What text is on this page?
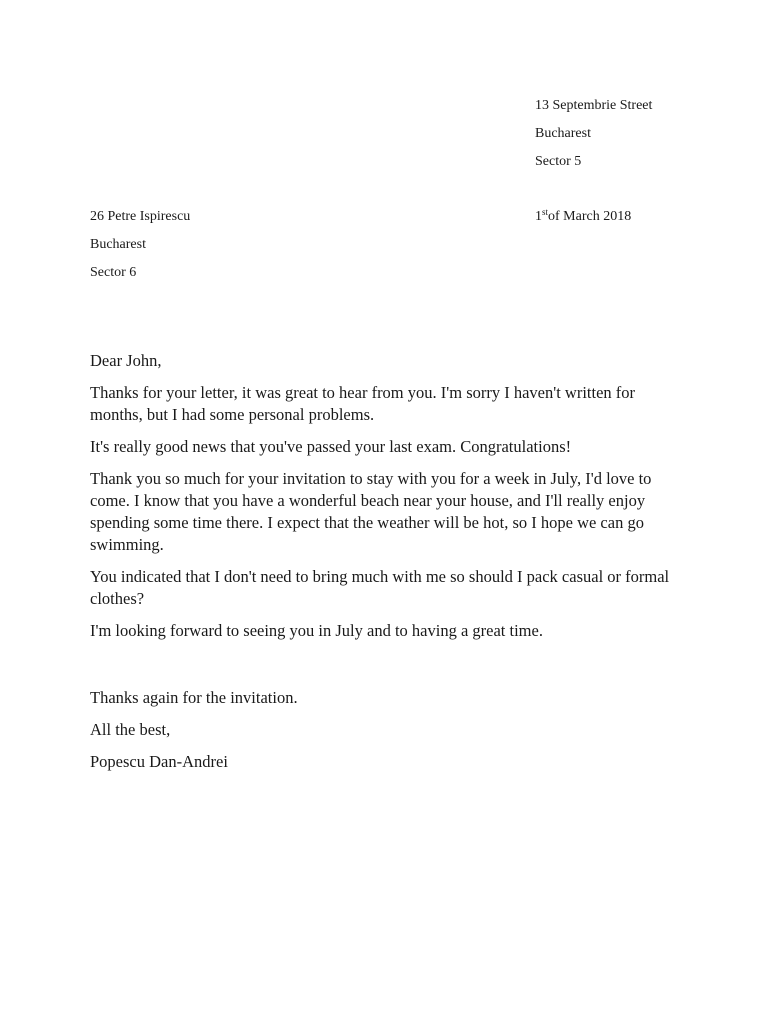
13 Septembrie Street
Bucharest
Sector 5
26 Petre Ispirescu
Bucharest
Sector 6
1stof March 2018

Dear John,

Thanks for your letter, it was great to hear from you. I'm sorry I haven't written for months, but I had some personal problems.

It's really good news that you've passed your last exam. Congratulations!

Thank you so much for your invitation to stay with you for a week in July, I'd love to come. I know that you have a wonderful beach near your house, and I'll really enjoy spending some time there. I expect that the weather will be hot, so I hope we can go swimming.

You indicated that I don't need to bring much with me so should I pack casual or formal clothes?

I'm looking forward to seeing you in July and to having a great time.

Thanks again for the invitation.
All the best,
Popescu Dan-Andrei
